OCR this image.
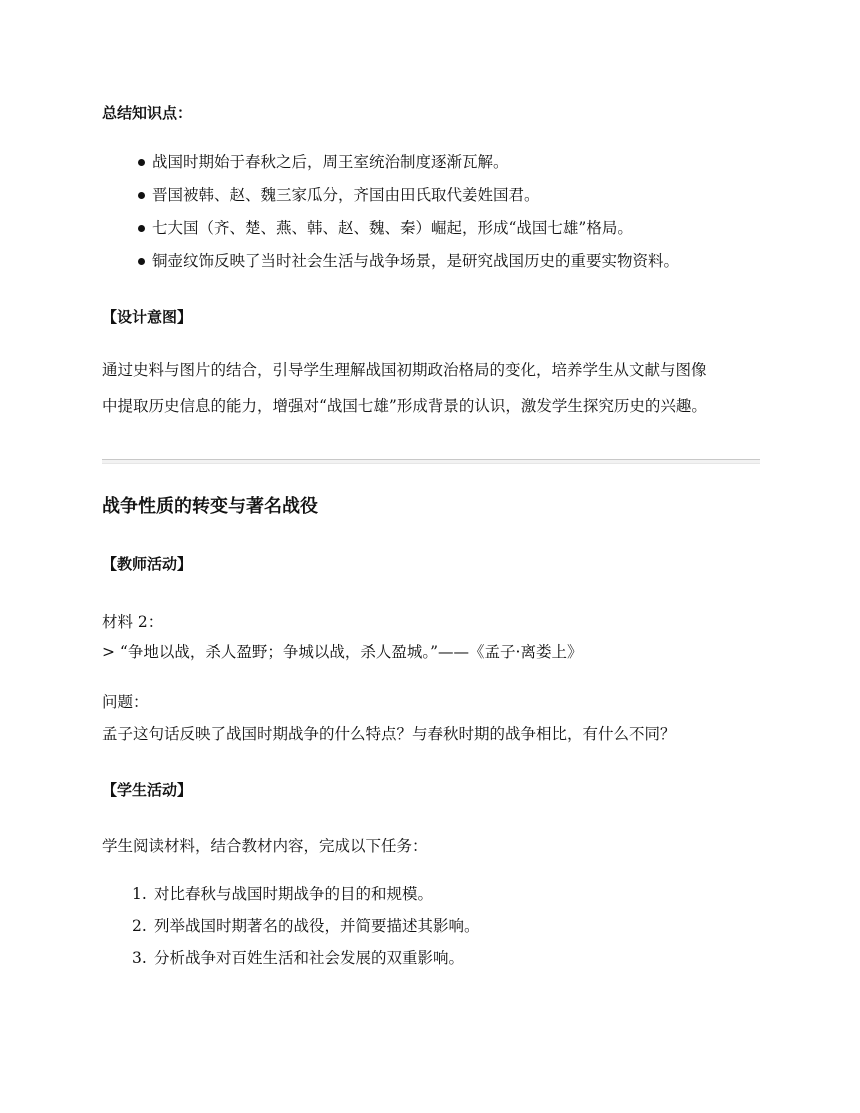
总结知识点：
战国时期始于春秋之后，周王室统治制度逐渐瓦解。
晋国被韩、赵、魏三家瓜分，齐国由田氏取代姜姓国君。
七大国（齐、楚、燕、韩、赵、魏、秦）崛起，形成“战国七雄”格局。
铜壶纹饰反映了当时社会生活与战争场景，是研究战国历史的重要实物资料。
【设计意图】
通过史料与图片的结合，引导学生理解战国初期政治格局的变化，培养学生从文献与图像
中提取历史信息的能力，增强对“战国七雄”形成背景的认识，激发学生探究历史的兴趣。
战争性质的转变与著名战役
【教师活动】
材料 2：
> “争地以战，杀人盈野；争城以战，杀人盈城。”——《孟子·离娄上》
问题：
孟子这句话反映了战国时期战争的什么特点？与春秋时期的战争相比，有什么不同？
【学生活动】
学生阅读材料，结合教材内容，完成以下任务：
1. 对比春秋与战国时期战争的目的和规模。
2. 列举战国时期著名的战役，并简要描述其影响。
3. 分析战争对百姓生活和社会发展的双重影响。
